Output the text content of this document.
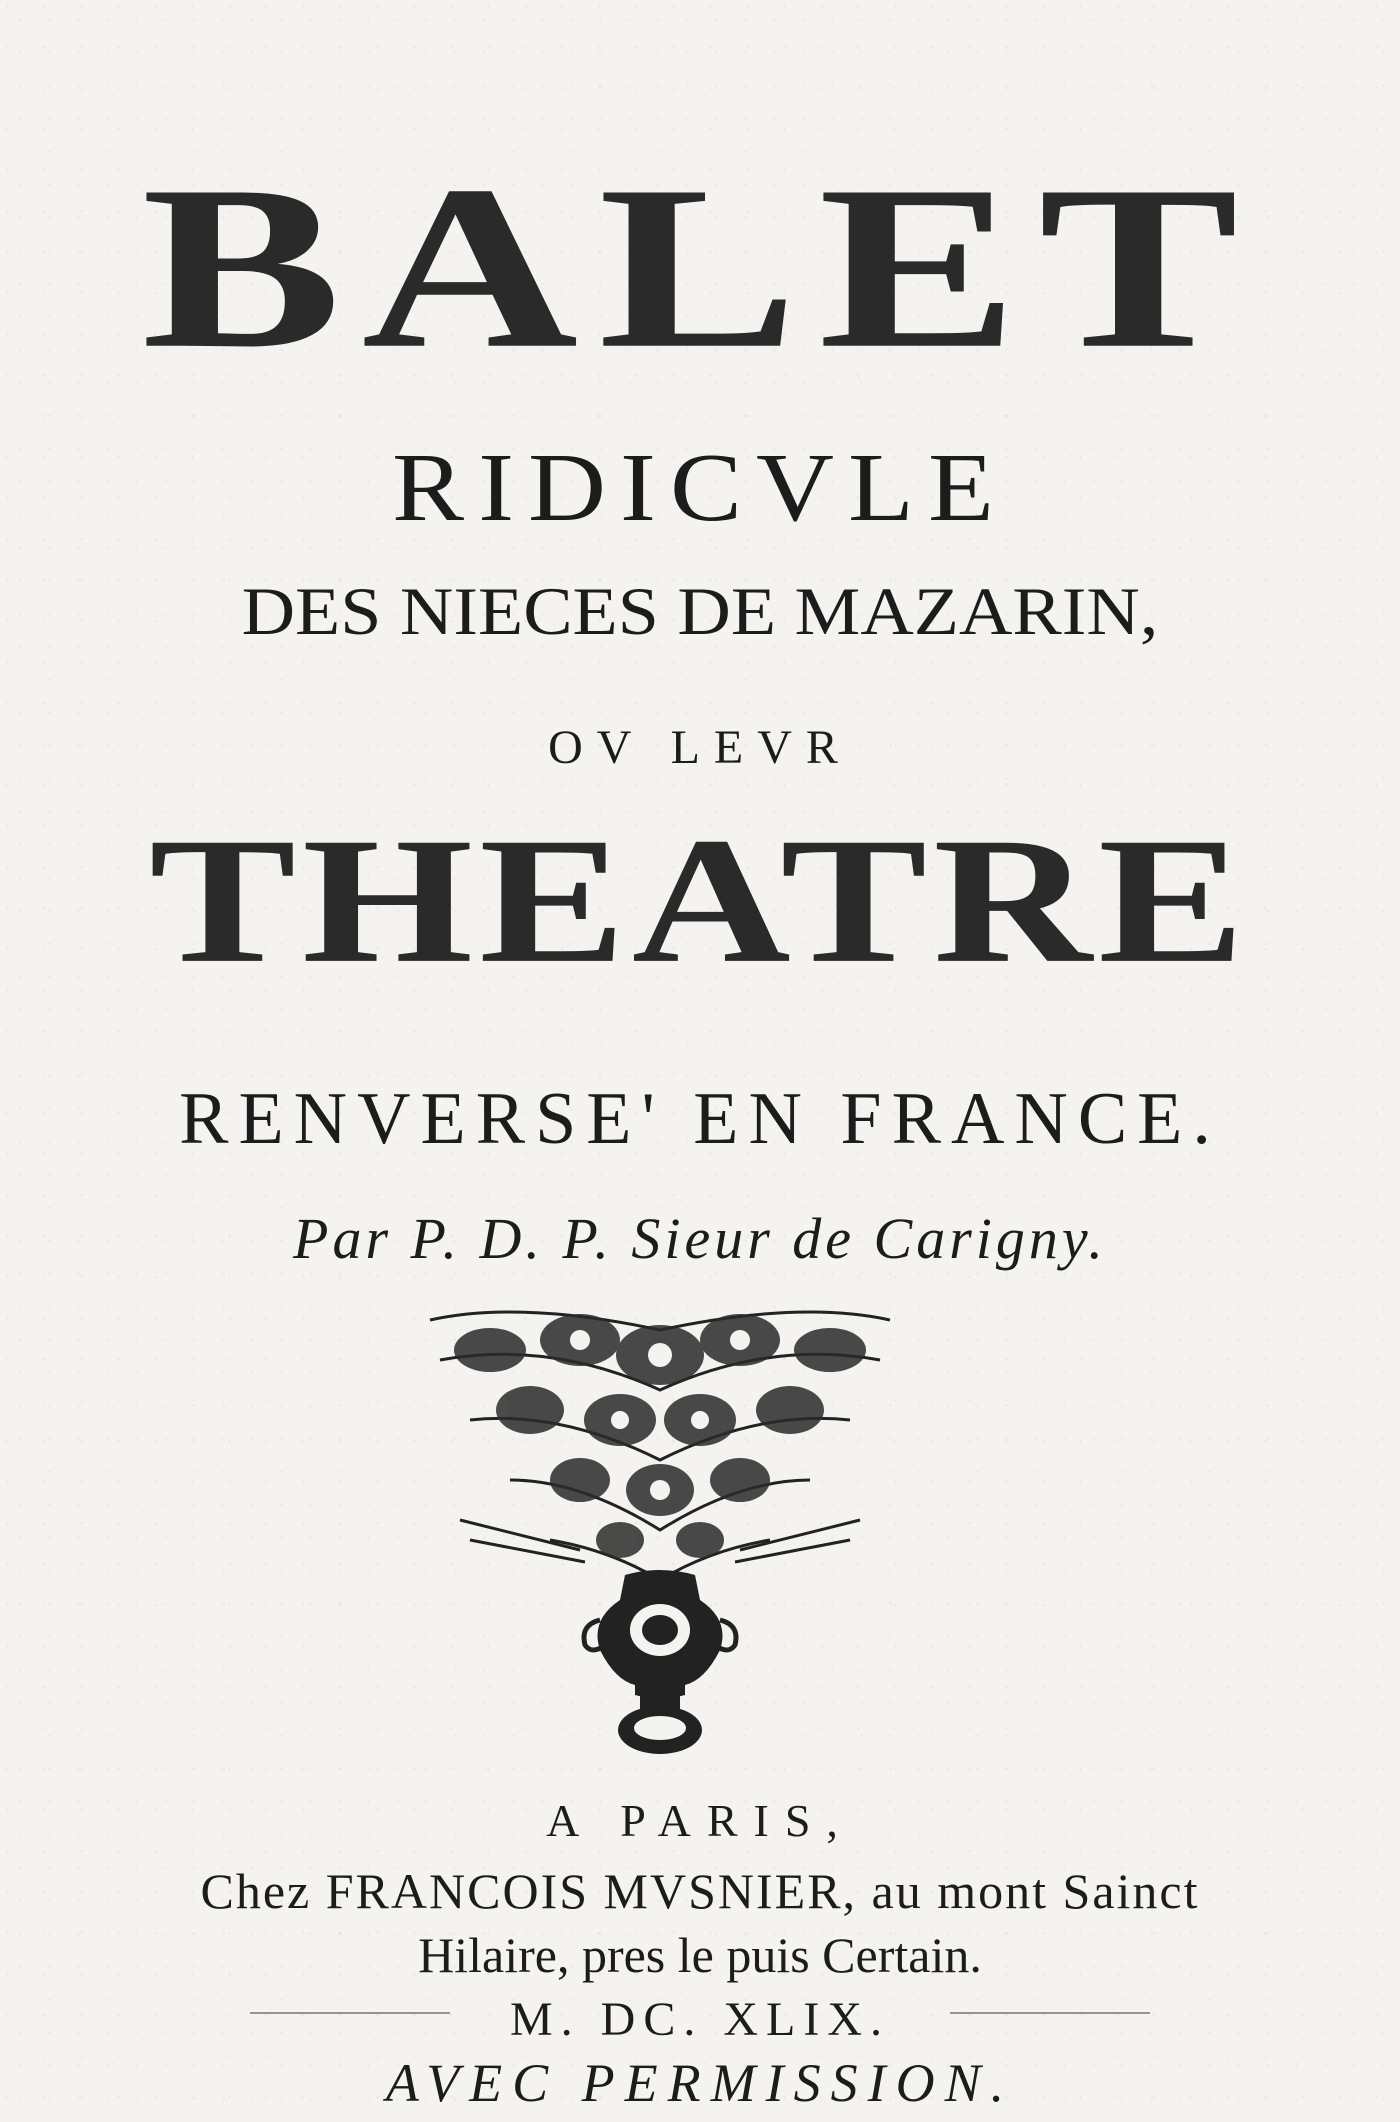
BALET
RIDICVLE
DES NIECES DE MAZARIN,
OV LEVR
THEATRE
RENVERSE' EN FRANCE.
Par P. D. P. Sieur de Carigny.
A PARIS,
Chez FRANCOIS MVSNIER, au mont Sainct
Hilaire, pres le puis Certain.
M. DC. XLIX.
AVEC PERMISSION.
